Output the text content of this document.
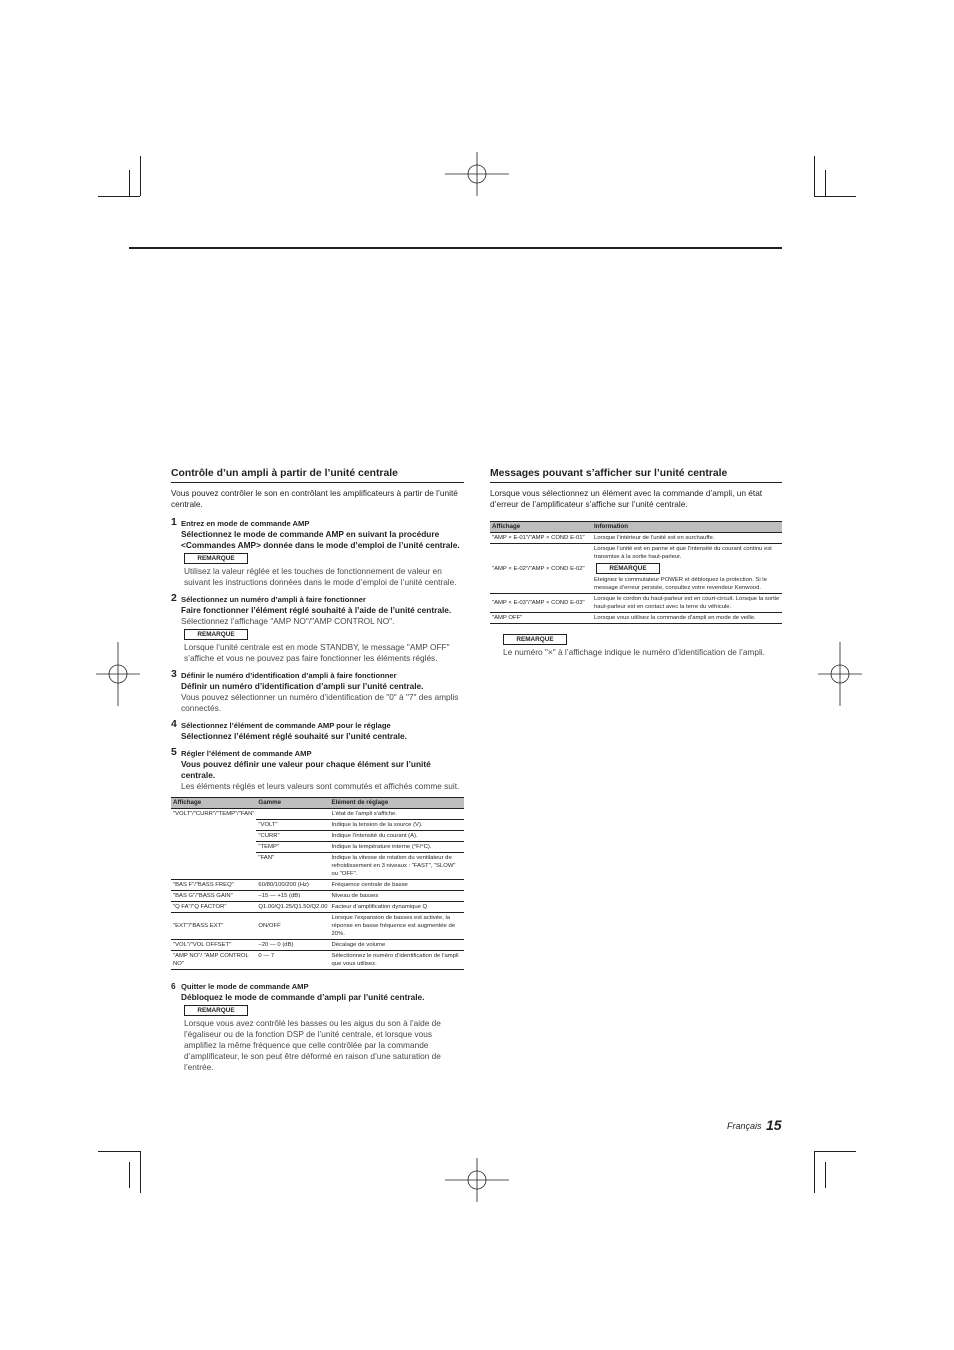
Contrôle d’un ampli à partir de l’unité centrale
Vous pouvez contrôler le son en contrôlant les amplificateurs à partir de l’unité centrale.
1 Entrez en mode de commande AMP
Sélectionnez le mode de commande AMP en suivant la procédure <Commandes AMP> donnée dans le mode d’emploi de l’unité centrale.
REMARQUE
Utilisez la valeur réglée et les touches de fonctionnement de valeur en suivant les instructions données dans le mode d’emploi de l’unité centrale.
2 Sélectionnez un numéro d’ampli à faire fonctionner
Faire fonctionner l’élément réglé souhaité à l’aide de l’unité centrale.
Sélectionnez l’affichage "AMP NO"/"AMP CONTROL NO".
REMARQUE
Lorsque l’unité centrale est en mode STANDBY, le message "AMP OFF" s’affiche et vous ne pouvez pas faire fonctionner les éléments réglés.
3 Définir le numéro d’identification d’ampli à faire fonctionner
Définir un numéro d’identification d’ampli sur l’unité centrale.
Vous pouvez sélectionner un numéro d’identification de "0" à "7" des amplis connectés.
4 Sélectionnez l’élément de commande AMP pour le réglage
Sélectionnez l’élément réglé souhaité sur l’unité centrale.
5 Régler l’élément de commande AMP
Vous pouvez définir une valeur pour chaque élément sur l’unité centrale.
Les éléments réglés et leurs valeurs sont commutés et affichés comme suit.
Affichage	Gamme	Elément de réglage
"VOLT"/"CURR"/"TEMP"/"FAN"		L’état de l’ampli s’affiche.
	"VOLT"	Indique la tension de la source (V).
	"CURR"	Indique l’intensité du courant (A).
	"TEMP"	Indique la température interne (°F/°C).
	"FAN"	Indique la vitesse de rotation du ventilateur de refroidissement en 3 niveaux : "FAST", "SLOW" ou "OFF".
"BAS F"/"BASS FREQ"	60/80/100/200 (Hz)	Fréquence centrale de basse
"BAS G"/"BASS GAIN"	–15 — +15 (dB)	Niveau de basses
"Q FA"/"Q FACTOR"	Q1.00/Q1.25/Q1.50/Q2.00	Facteur d’amplification dynamique Q
"EXT"/"BASS EXT"	ON/OFF	Lorsque l’expansion de basses est activée, la réponse en basse fréquence est augmentée de 20%.
"VOL"/"VOL OFFSET"	–20 — 0 (dB)	Décalage de volume
"AMP NO"/ "AMP CONTROL NO"	0 — 7	Sélectionnez le numéro d’identification de l’ampli que vous utilisez.
6 Quitter le mode de commande AMP
Débloquez le mode de commande d’ampli par l’unité centrale.
REMARQUE
Lorsque vous avez contrôlé les basses ou les aigus du son à l’aide de l’égaliseur ou de la fonction DSP de l’unité centrale, et lorsque vous amplifiez la même fréquence que celle contrôlée par la commande d’amplificateur, le son peut être déformé en raison d’une saturation de l’entrée.
Messages pouvant s’afficher sur l’unité centrale
Lorsque vous sélectionnez un élément avec la commande d’ampli, un état d’erreur de l’amplificateur s’affiche sur l’unité centrale.
Affichage	Information
"AMP × E-01"/"AMP × COND E-01"	Lorsque l’intérieur de l’unité est en surchauffe.
"AMP × E-02"/"AMP × COND E-02"	Lorsque l’unité est en panne et que l’intensité du courant continu est transmise à la sortie haut-parleur.
REMARQUE
Eteignez le commutateur POWER et débloquez la protection. Si le message d’erreur persiste, consultez votre revendeur Kenwood.

"AMP × E-03"/"AMP × COND E-03"	Lorsque le cordon du haut-parleur est en court-circuit. Lorsque la sortie haut-parleur est en contact avec la terre du véhicule.
"AMP OFF"	Lorsque vous utilisez la commande d’ampli en mode de veille.
REMARQUE
Le numéro "×" à l’affichage indique le numéro d’identification de l’ampli.
Français 15
